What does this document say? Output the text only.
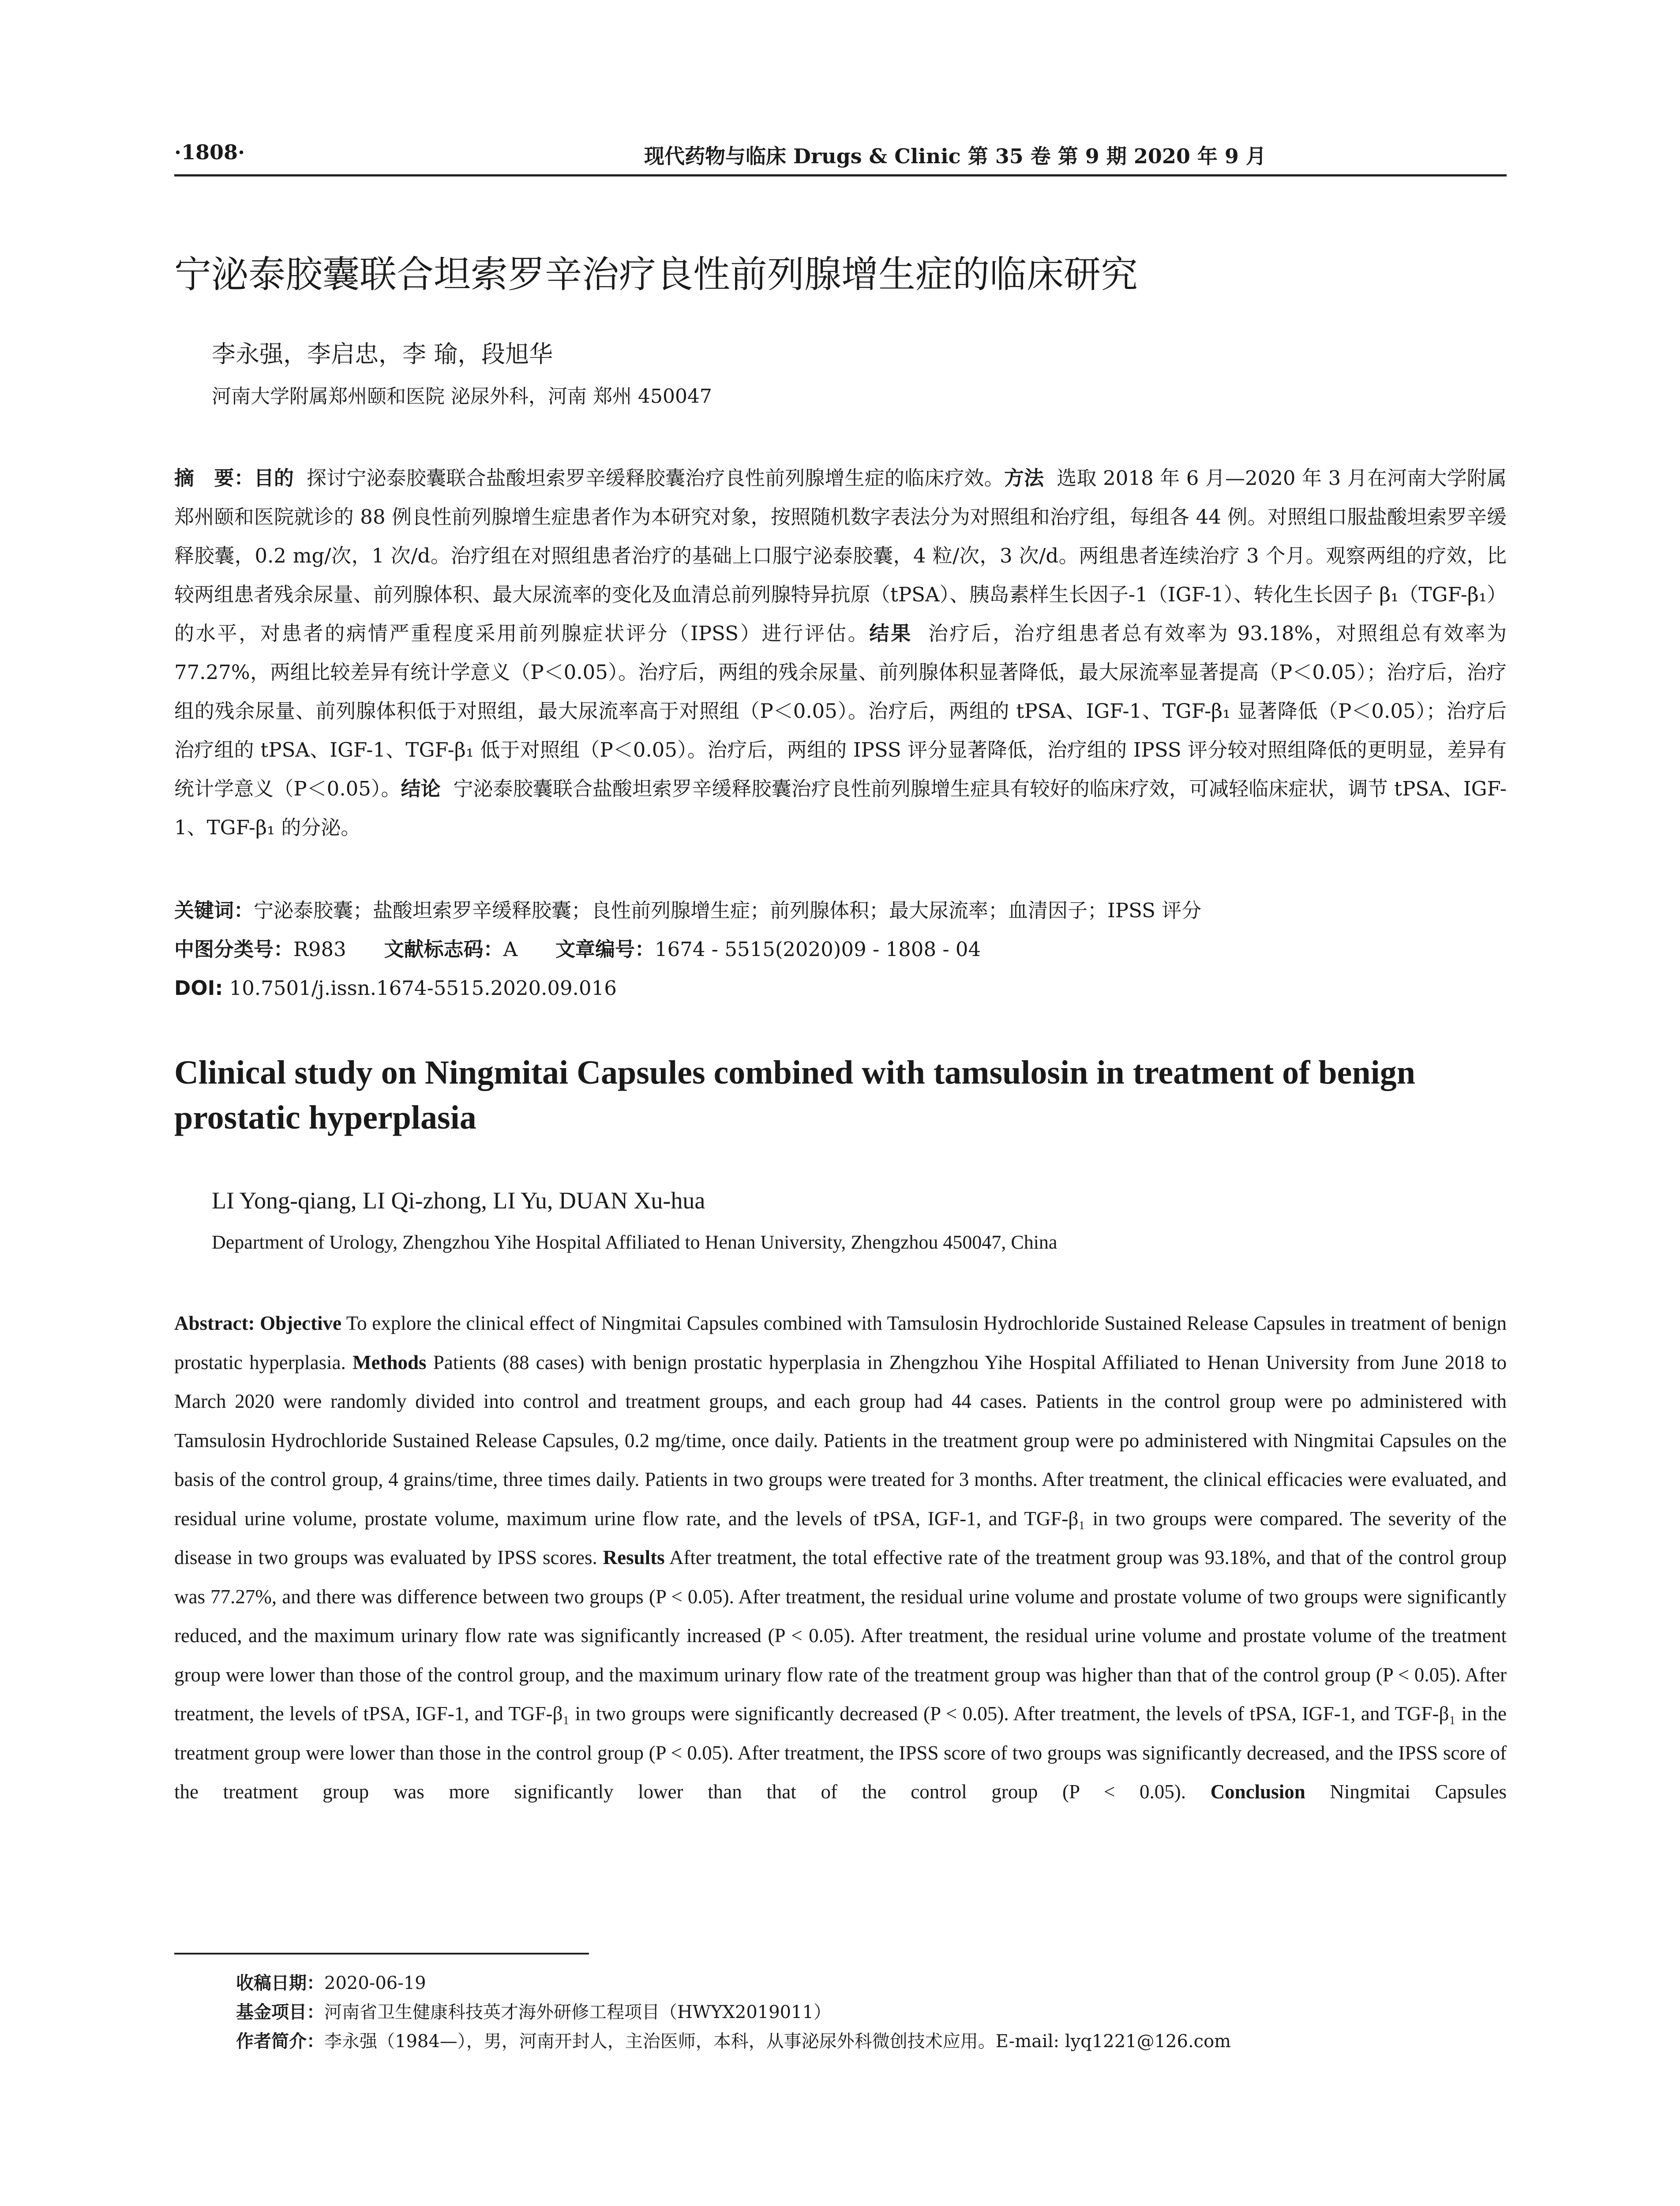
·1808·	现代药物与临床 Drugs & Clinic 第 35 卷 第 9 期 2020 年 9 月
宁泌泰胶囊联合坦索罗辛治疗良性前列腺增生症的临床研究
李永强，李启忠，李 瑜，段旭华
河南大学附属郑州颐和医院 泌尿外科，河南 郑州 450047

摘　要：目的 探讨宁泌泰胶囊联合盐酸坦索罗辛缓释胶囊治疗良性前列腺增生症的临床疗效。方法 选取 2018 年 6 月—2020 年 3 月在河南大学附属郑州颐和医院就诊的 88 例良性前列腺增生症患者作为本研究对象，按照随机数字表法分为对照组和治疗组，每组各 44 例。对照组口服盐酸坦索罗辛缓释胶囊，0.2 mg/次，1 次/d。治疗组在对照组患者治疗的基础上口服宁泌泰胶囊，4 粒/次，3 次/d。两组患者连续治疗 3 个月。观察两组的疗效，比较两组患者残余尿量、前列腺体积、最大尿流率的变化及血清总前列腺特异抗原（tPSA）、胰岛素样生长因子-1（IGF-1）、转化生长因子 β₁（TGF-β₁）的水平，对患者的病情严重程度采用前列腺症状评分（IPSS）进行评估。结果 治疗后，治疗组患者总有效率为 93.18%，对照组总有效率为 77.27%，两组比较差异有统计学意义（P＜0.05）。治疗后，两组的残余尿量、前列腺体积显著降低，最大尿流率显著提高（P＜0.05）；治疗后，治疗组的残余尿量、前列腺体积低于对照组，最大尿流率高于对照组（P＜0.05）。治疗后，两组的 tPSA、IGF-1、TGF-β₁ 显著降低（P＜0.05）；治疗后治疗组的 tPSA、IGF-1、TGF-β₁ 低于对照组（P＜0.05）。治疗后，两组的 IPSS 评分显著降低，治疗组的 IPSS 评分较对照组降低的更明显，差异有统计学意义（P＜0.05）。结论 宁泌泰胶囊联合盐酸坦索罗辛缓释胶囊治疗良性前列腺增生症具有较好的临床疗效，可减轻临床症状，调节 tPSA、IGF-1、TGF-β₁ 的分泌。

关键词：宁泌泰胶囊；盐酸坦索罗辛缓释胶囊；良性前列腺增生症；前列腺体积；最大尿流率；血清因子；IPSS 评分
中图分类号：R983 文献标志码：A 文章编号：1674 - 5515(2020)09 - 1808 - 04
DOI: 10.7501/j.issn.1674-5515.2020.09.016
Clinical study on Ningmitai Capsules combined with tamsulosin in treatment of benign prostatic hyperplasia
LI Yong-qiang, LI Qi-zhong, LI Yu, DUAN Xu-hua
Department of Urology, Zhengzhou Yihe Hospital Affiliated to Henan University, Zhengzhou 450047, China

Abstract: Objective To explore the clinical effect of Ningmitai Capsules combined with Tamsulosin Hydrochloride Sustained Release Capsules in treatment of benign prostatic hyperplasia. Methods Patients (88 cases) with benign prostatic hyperplasia in Zhengzhou Yihe Hospital Affiliated to Henan University from June 2018 to March 2020 were randomly divided into control and treatment groups, and each group had 44 cases. Patients in the control group were po administered with Tamsulosin Hydrochloride Sustained Release Capsules, 0.2 mg/time, once daily. Patients in the treatment group were po administered with Ningmitai Capsules on the basis of the control group, 4 grains/time, three times daily. Patients in two groups were treated for 3 months. After treatment, the clinical efficacies were evaluated, and residual urine volume, prostate volume, maximum urine flow rate, and the levels of tPSA, IGF-1, and TGF-β₁ in two groups were compared. The severity of the disease in two groups was evaluated by IPSS scores. Results After treatment, the total effective rate of the treatment group was 93.18%, and that of the control group was 77.27%, and there was difference between two groups (P < 0.05). After treatment, the residual urine volume and prostate volume of two groups were significantly reduced, and the maximum urinary flow rate was significantly increased (P < 0.05). After treatment, the residual urine volume and prostate volume of the treatment group were lower than those of the control group, and the maximum urinary flow rate of the treatment group was higher than that of the control group (P < 0.05). After treatment, the levels of tPSA, IGF-1, and TGF-β₁ in two groups were significantly decreased (P < 0.05). After treatment, the levels of tPSA, IGF-1, and TGF-β₁ in the treatment group were lower than those in the control group (P < 0.05). After treatment, the IPSS score of two groups was significantly decreased, and the IPSS score of the treatment group was more significantly lower than that of the control group (P < 0.05). Conclusion Ningmitai Capsules

收稿日期：2020-06-19
基金项目：河南省卫生健康科技英才海外研修工程项目（HWYX2019011）
作者简介：李永强（1984—），男，河南开封人，主治医师，本科，从事泌尿外科微创技术应用。E-mail: lyq1221@126.com
